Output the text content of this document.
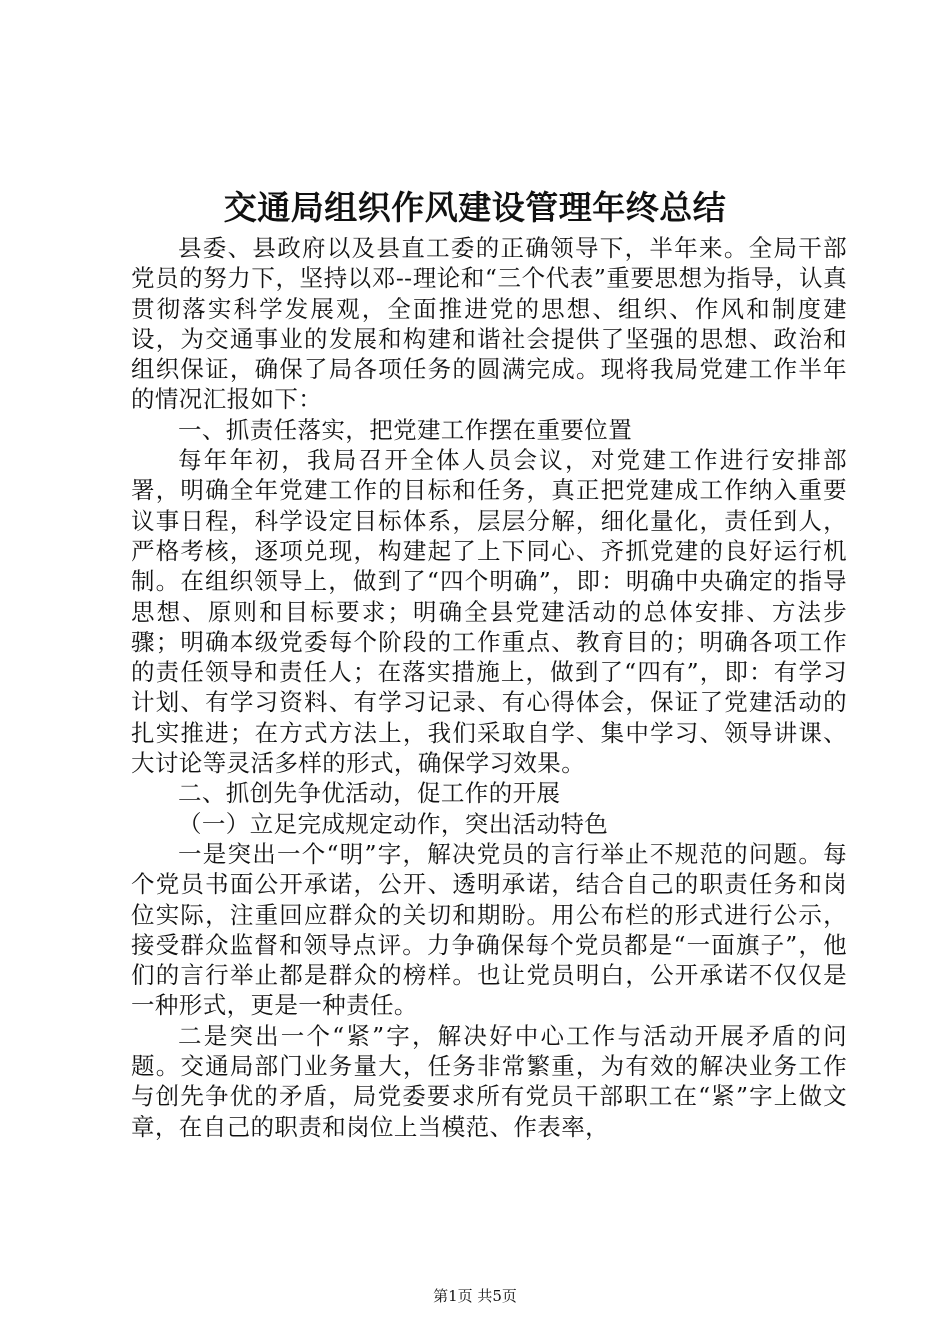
交通局组织作风建设管理年终总结

县委、县政府以及县直工委的正确领导下，半年来。全局干部党员的努力下，坚持以邓--理论和“三个代表”重要思想为指导，认真贯彻落实科学发展观，全面推进党的思想、组织、作风和制度建设，为交通事业的发展和构建和谐社会提供了坚强的思想、政治和组织保证，确保了局各项任务的圆满完成。现将我局党建工作半年的情况汇报如下：

一、抓责任落实，把党建工作摆在重要位置

每年年初，我局召开全体人员会议，对党建工作进行安排部署，明确全年党建工作的目标和任务，真正把党建成工作纳入重要议事日程，科学设定目标体系，层层分解，细化量化，责任到人，严格考核，逐项兑现，构建起了上下同心、齐抓党建的良好运行机制。在组织领导上，做到了“四个明确”，即：明确中央确定的指导思想、原则和目标要求；明确全县党建活动的总体安排、方法步骤；明确本级党委每个阶段的工作重点、教育目的；明确各项工作的责任领导和责任人；在落实措施上，做到了“四有”，即：有学习计划、有学习资料、有学习记录、有心得体会，保证了党建活动的扎实推进；在方式方法上，我们采取自学、集中学习、领导讲课、大讨论等灵活多样的形式，确保学习效果。

二、抓创先争优活动，促工作的开展

（一）立足完成规定动作，突出活动特色

一是突出一个“明”字，解决党员的言行举止不规范的问题。每个党员书面公开承诺，公开、透明承诺，结合自己的职责任务和岗位实际，注重回应群众的关切和期盼。用公布栏的形式进行公示，接受群众监督和领导点评。力争确保每个党员都是“一面旗子”，他们的言行举止都是群众的榜样。也让党员明白，公开承诺不仅仅是一种形式，更是一种责任。

二是突出一个“紧”字，解决好中心工作与活动开展矛盾的问题。交通局部门业务量大，任务非常繁重，为有效的解决业务工作与创先争优的矛盾，局党委要求所有党员干部职工在“紧”字上做文章，在自己的职责和岗位上当模范、作表率，

第1页 共5页
